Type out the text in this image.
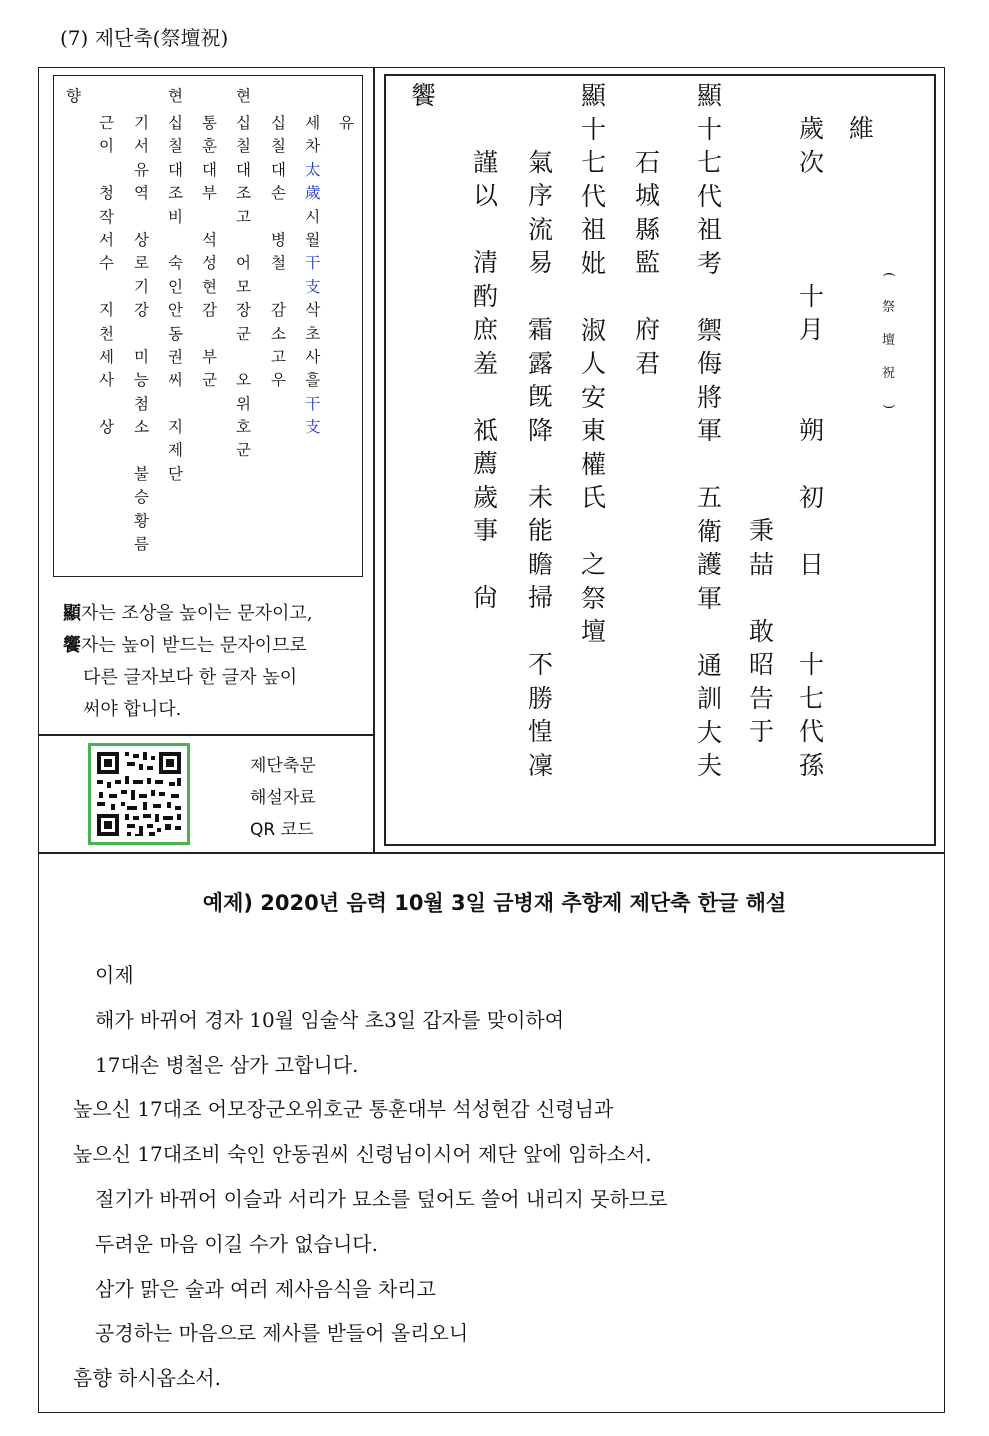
(7) 제단축(祭壇祝)
향	현	현
유
세
차
太
歲
시
월
干
支
삭
초
사
흘
干
支
십
칠
대
손

병
철

감
소
고
우
십
칠
대
조
고

어
모
장
군

오
위
호
군
통
훈
대
부

석
성
현
감

부
군
십
칠
대
조
비

숙
인
안
동
권
씨

지
제
단
기
서
유
역

상
로
기
강

미
능
첨
소

불
승
황
름
근
이

청
작
서
수

지
천
세
사

상
顯자는 조상을 높이는 문자이고,
饗자는 높이 받드는 문자이므로
다른 글자보다 한 글자 높이
써야 합니다.
제단축문
해설자료
QR 코드
維
歲
次

十
月

朔

初

日

十
七
代
孫

秉
喆

敢
昭
告
于
顯
十
七
代
祖
考

禦
侮
將
軍

五
衛
護
軍

通
訓
大
夫

石
城
縣
監

府
君
顯
十
七
代
祖
妣

淑
人
安
東
權
氏

之
祭
壇

氣
序
流
易

霜
露
旣
降

未
能
瞻
掃

不
勝
惶
凜

謹
以

清
酌
庶
羞

祗
薦
歲
事

尙
饗
(
祭
壇
祝
)
예제) 2020년 음력 10월 3일 금병재 추향제 제단축 한글 해설
이제
해가 바뀌어 경자 10월 임술삭 초3일 갑자를 맞이하여
17대손 병철은 삼가 고합니다.
높으신 17대조 어모장군오위호군 통훈대부 석성현감 신령님과
높으신 17대조비 숙인 안동권씨 신령님이시어 제단 앞에 임하소서.
절기가 바뀌어 이슬과 서리가 묘소를 덮어도 쓸어 내리지 못하므로
두려운 마음 이길 수가 없습니다.
삼가 맑은 술과 여러 제사음식을 차리고
공경하는 마음으로 제사를 받들어 올리오니
흠향 하시옵소서.
